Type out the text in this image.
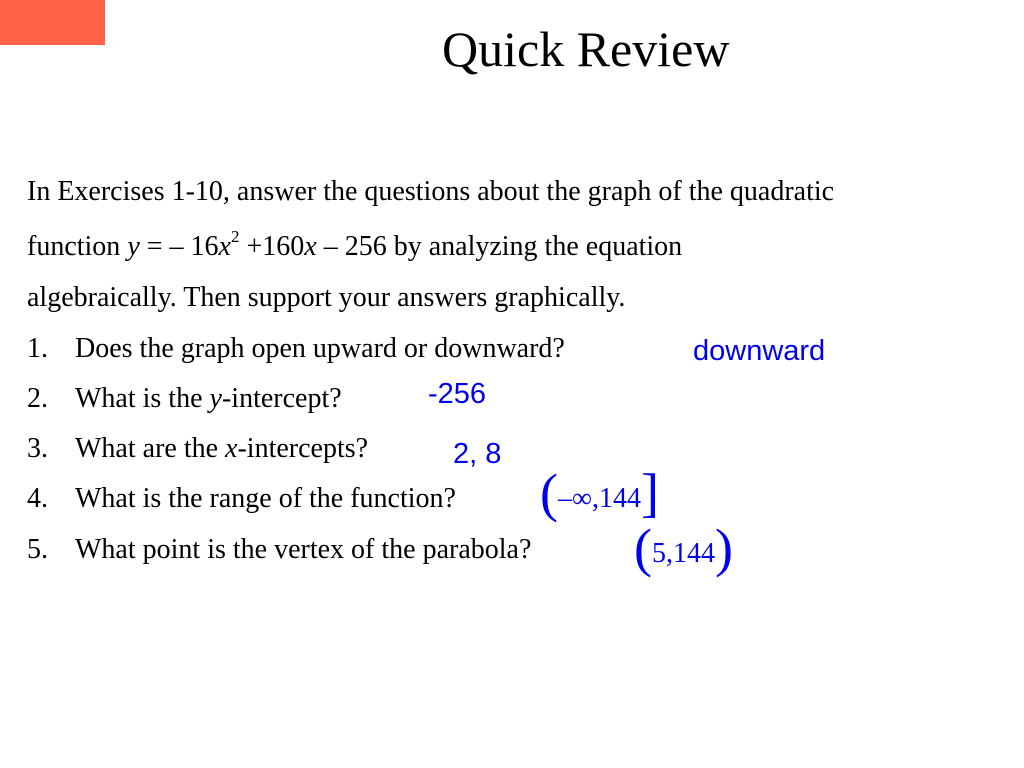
Quick Review
In Exercises 1-10, answer the questions about the graph of the quadratic
function y = – $16x^2 +160x - 256$ by analyzing the equation
algebraically. Then support your answers graphically.
1. Does the graph open upward or downward?	downward
2. What is the y-intercept?	-256
3. What are the x-intercepts?	2, 8
4. What is the range of the function? (–∞,144]
5. What point is the vertex of the parabola? (5,144)
